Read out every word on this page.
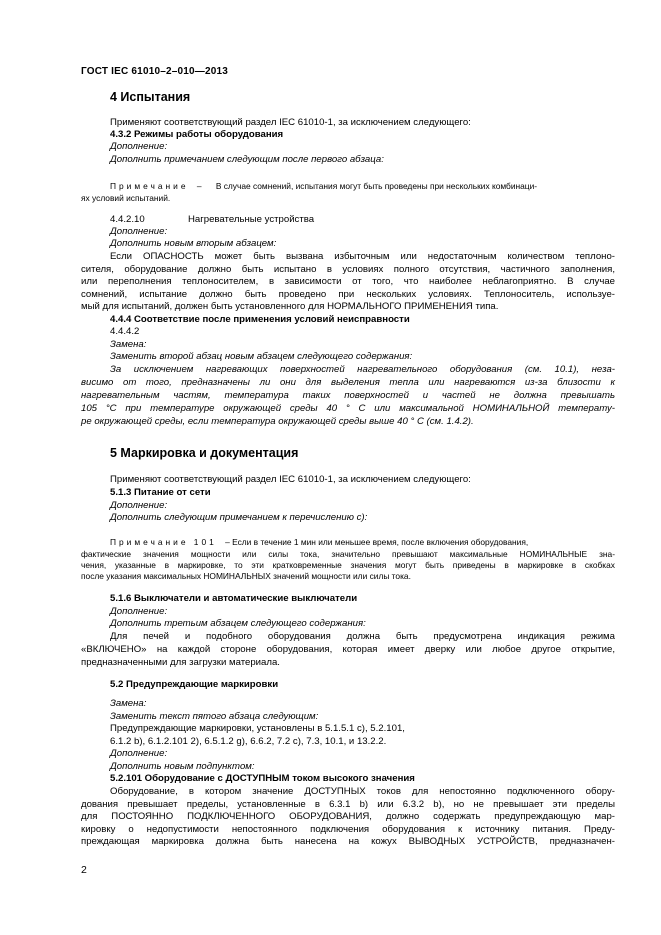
ГОСТ IEC 61010–2–010—2013
4 Испытания
Применяют соответствующий раздел IEC 61010-1, за исключением следующего:
4.3.2 Режимы работы оборудования
Дополнение:
Дополнить примечанием следующим после первого абзаца:
Примечание – В случае сомнений, испытания могут быть проведены при нескольких комбинаци-
ях условий испытаний.
4.4.2.10	Нагревательные устройства
Дополнение:
Дополнить новым вторым абзацем:
Если ОПАСНОСТЬ может быть вызвана избыточным или недостаточным количеством теплоно-
сителя, оборудование должно быть испытано в условиях полного отсутствия, частичного заполнения,
или переполнения теплоносителем, в зависимости от того, что наиболее неблагоприятно. В случае
сомнений, испытание должно быть проведено при нескольких условиях. Теплоноситель, используе-
мый для испытаний, должен быть установленного для НОРМАЛЬНОГО ПРИМЕНЕНИЯ типа.
4.4.4 Соответствие после применения условий неисправности
4.4.4.2
Замена:
Заменить второй абзац новым абзацем следующего содержания:
За исключением нагревающих поверхностей нагревательного оборудования (см. 10.1), неза-
висимо от того, предназначены ли они для выделения тепла или нагреваются из-за близости к
нагревательным частям, температура таких поверхностей и частей не должна превышать
105 °С при температуре окружающей среды 40 ° С или максимальной НОМИНАЛЬНОЙ температу-
ре окружающей среды, если температура окружающей среды выше 40 ° С (см. 1.4.2).
5 Маркировка и документация
Применяют соответствующий раздел IEC 61010-1, за исключением следующего:
5.1.3 Питание от сети
Дополнение:
Дополнить следующим примечанием к перечислению с):
Примечание 101 – Если в течение 1 мин или меньшее время, после включения оборудования,
фактические значения мощности или силы тока, значительно превышают максимальные НОМИНАЛЬНЫЕ зна-
чения, указанные в маркировке, то эти кратковременные значения могут быть приведены в маркировке в скобках
после указания максимальных НОМИНАЛЬНЫХ значений мощности или силы тока.
5.1.6 Выключатели и автоматические выключатели
Дополнение:
Дополнить третьим абзацем следующего содержания:
Для печей и подобного оборудования должна быть предусмотрена индикация режима
«ВКЛЮЧЕНО» на каждой стороне оборудования, которая имеет дверку или любое другое открытие,
предназначенными для загрузки материала.
5.2 Предупреждающие маркировки
Замена:
Заменить текст пятого абзаца следующим:
Предупреждающие маркировки, установлены в 5.1.5.1 с), 5.2.101,
6.1.2 b), 6.1.2.101 2), 6.5.1.2 g), 6.6.2, 7.2 с), 7.3, 10.1, и 13.2.2.
Дополнение:
Дополнить новым подпунктом:
5.2.101 Оборудование с ДОСТУПНЫМ током высокого значения
Оборудование, в котором значение ДОСТУПНЫХ токов для непостоянно подключенного обору-
дования превышает пределы, установленные в 6.3.1 b) или 6.3.2 b), но не превышает эти пределы
для ПОСТОЯННО ПОДКЛЮЧЕННОГО ОБОРУДОВАНИЯ, должно содержать предупреждающую мар-
кировку о недопустимости непостоянного подключения оборудования к источнику питания. Преду-
преждающая маркировка должна быть нанесена на кожух ВЫВОДНЫХ УСТРОЙСТВ, предназначен-
2
